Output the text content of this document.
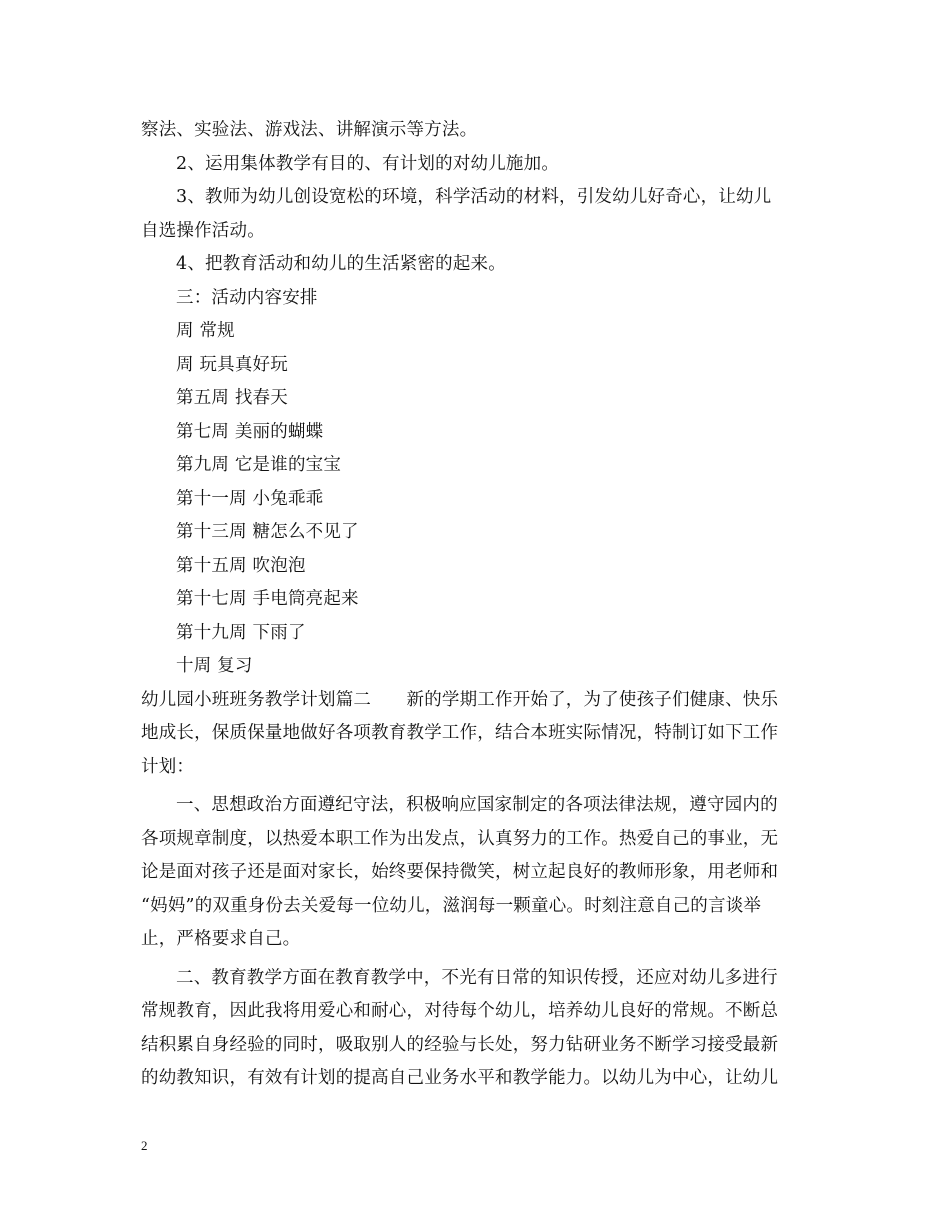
察法、实验法、游戏法、讲解演示等方法。
2、运用集体教学有目的、有计划的对幼儿施加。
3、教师为幼儿创设宽松的环境，科学活动的材料，引发幼儿好奇心，让幼儿
自选操作活动。
4、把教育活动和幼儿的生活紧密的起来。
三：活动内容安排
周 常规
周 玩具真好玩
第五周 找春天
第七周 美丽的蝴蝶
第九周 它是谁的宝宝
第十一周 小兔乖乖
第十三周 糖怎么不见了
第十五周 吹泡泡
第十七周 手电筒亮起来
第十九周 下雨了
十周 复习
幼儿园小班班务教学计划篇二　　新的学期工作开始了，为了使孩子们健康、快乐
地成长，保质保量地做好各项教育教学工作，结合本班实际情况，特制订如下工作
计划：
一、思想政治方面遵纪守法，积极响应国家制定的各项法律法规，遵守园内的
各项规章制度，以热爱本职工作为出发点，认真努力的工作。热爱自己的事业，无
论是面对孩子还是面对家长，始终要保持微笑，树立起良好的教师形象，用老师和
“妈妈”的双重身份去关爱每一位幼儿，滋润每一颗童心。时刻注意自己的言谈举
止，严格要求自己。
二、教育教学方面在教育教学中，不光有日常的知识传授，还应对幼儿多进行
常规教育，因此我将用爱心和耐心，对待每个幼儿，培养幼儿良好的常规。不断总
结积累自身经验的同时，吸取别人的经验与长处，努力钻研业务不断学习接受最新
的幼教知识，有效有计划的提高自己业务水平和教学能力。以幼儿为中心，让幼儿
2
